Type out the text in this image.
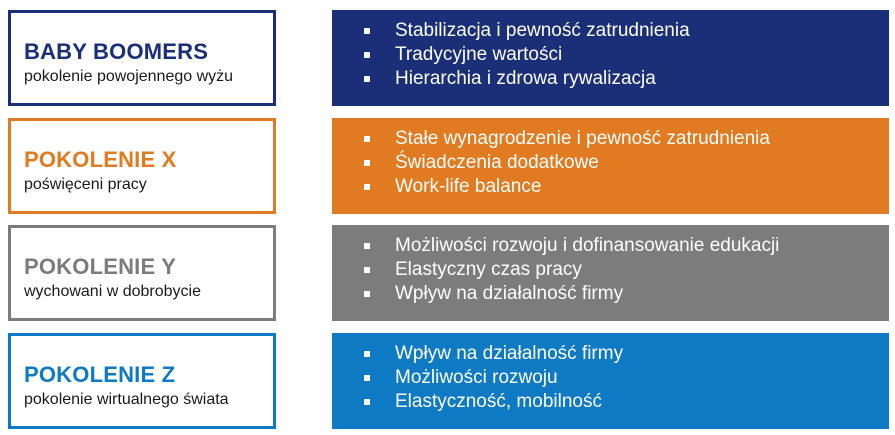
BABY BOOMERS
pokolenie powojennego wyżu
Stabilizacja i pewność zatrudnienia
Tradycyjne wartości
Hierarchia i zdrowa rywalizacja
POKOLENIE X
poświęceni pracy
Stałe wynagrodzenie i pewność zatrudnienia
Świadczenia dodatkowe
Work-life balance
POKOLENIE Y
wychowani w dobrobycie
Możliwości rozwoju i dofinansowanie edukacji
Elastyczny czas pracy
Wpływ na działalność firmy
POKOLENIE Z
pokolenie wirtualnego świata
Wpływ na działalność firmy
Możliwości rozwoju
Elastyczność, mobilność
